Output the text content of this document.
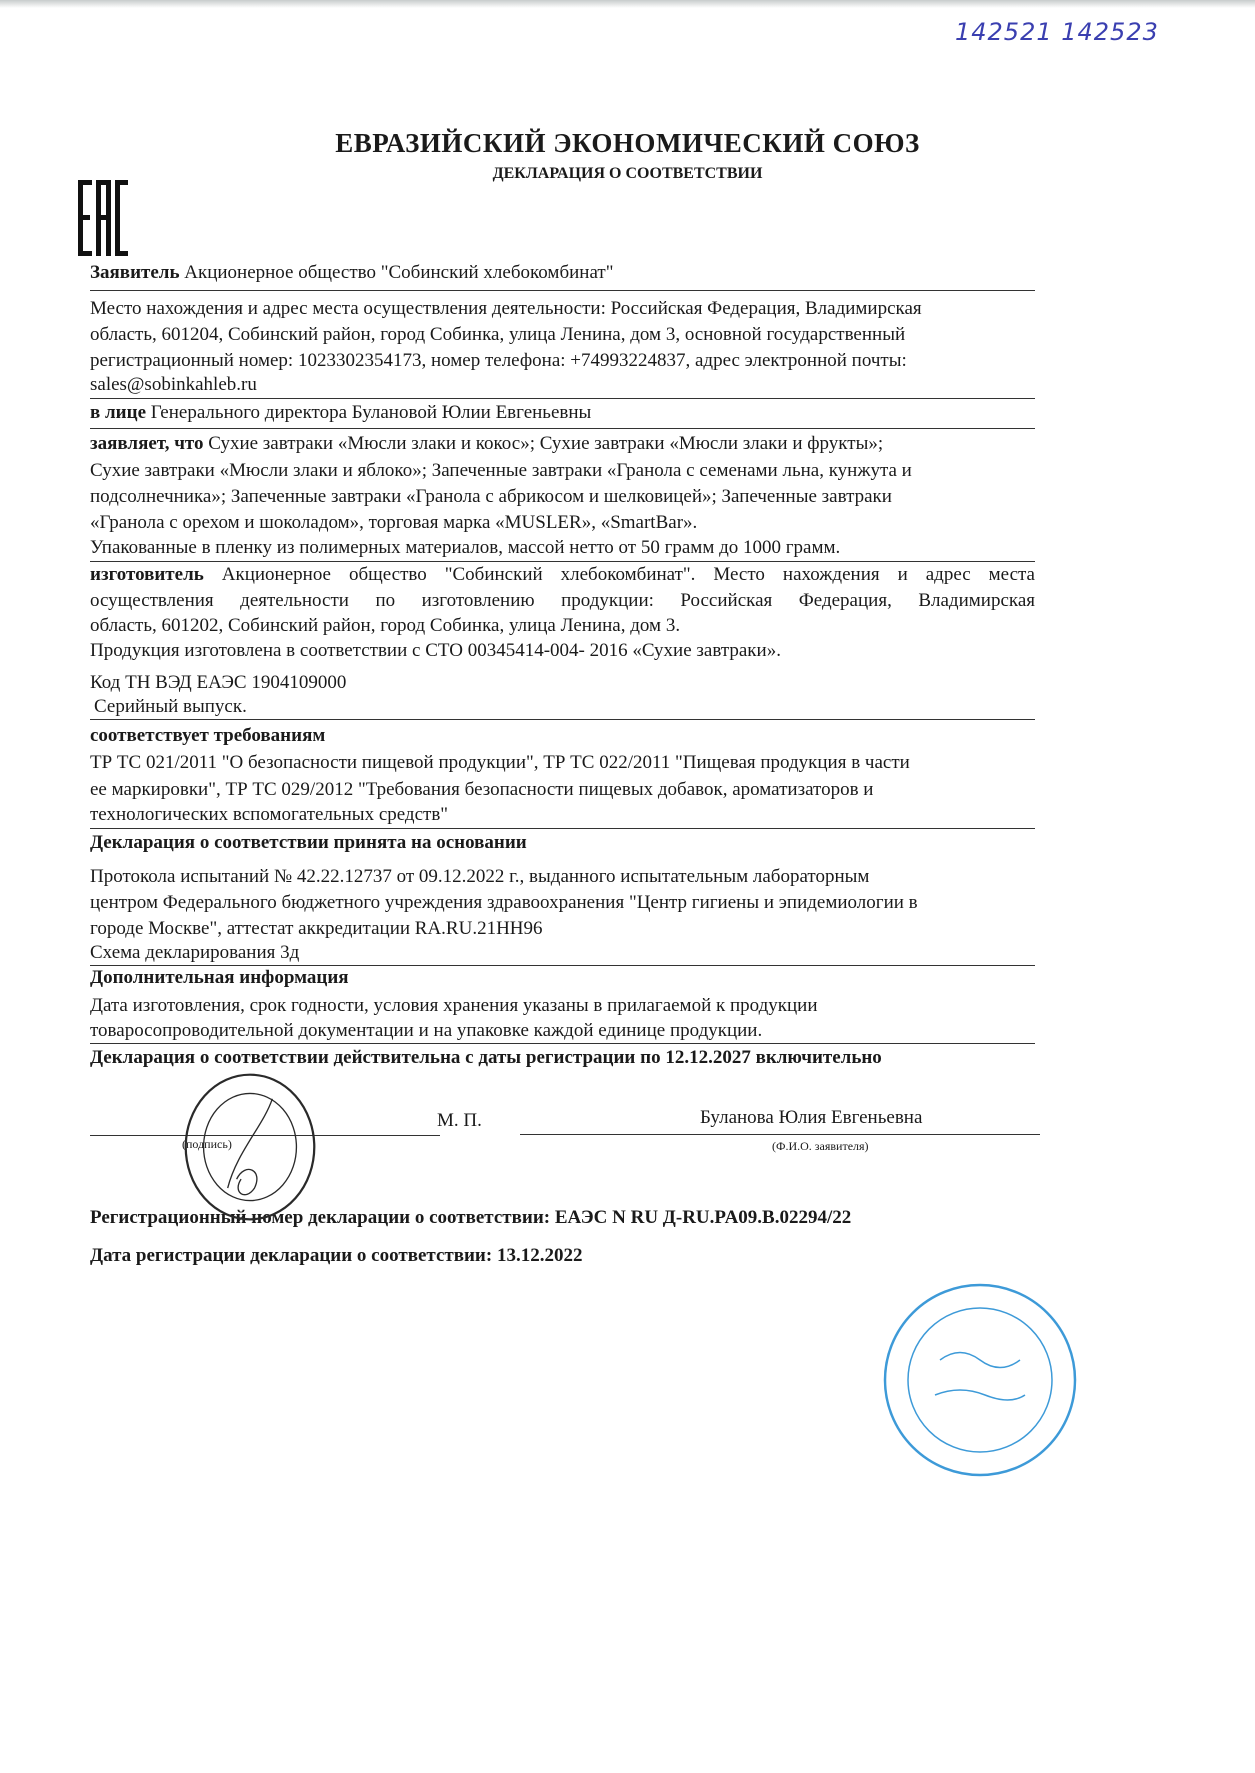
142521 142523
ЕВРАЗИЙСКИЙ ЭКОНОМИЧЕСКИЙ СОЮЗ
ДЕКЛАРАЦИЯ О СООТВЕТСТВИИ
Заявитель Акционерное общество "Собинский хлебокомбинат"
Место нахождения и адрес места осуществления деятельности: Российская Федерация, Владимирская
область, 601204, Собинский район, город Собинка, улица Ленина, дом 3, основной государственный
регистрационный номер: 1023302354173, номер телефона: +74993224837, адрес электронной почты:
sales@sobinkahleb.ru
в лице Генерального директора Булановой Юлии Евгеньевны
заявляет, что Сухие завтраки «Мюсли злаки и кокос»; Сухие завтраки «Мюсли злаки и фрукты»;
Сухие завтраки «Мюсли злаки и яблоко»; Запеченные завтраки «Гранола с семенами льна, кунжута и
подсолнечника»; Запеченные завтраки «Гранола с абрикосом и шелковицей»; Запеченные завтраки
«Гранола с орехом и шоколадом», торговая марка «MUSLER», «SmartBar».
Упакованные в пленку из полимерных материалов, массой нетто от 50 грамм до 1000 грамм.
изготовитель Акционерное общество "Собинский хлебокомбинат". Место нахождения и адрес места
осуществления деятельности по изготовлению продукции: Российская Федерация, Владимирская
область, 601202, Собинский район, город Собинка, улица Ленина, дом 3.
Продукция изготовлена в соответствии с СТО 00345414-004- 2016 «Сухие завтраки».
Код ТН ВЭД ЕАЭС 1904109000
Серийный выпуск.
соответствует требованиям
ТР ТС 021/2011 "О безопасности пищевой продукции", ТР ТС 022/2011 "Пищевая продукция в части
ее маркировки", ТР ТС 029/2012 "Требования безопасности пищевых добавок, ароматизаторов и
технологических вспомогательных средств"
Декларация о соответствии принята на основании
Протокола испытаний № 42.22.12737 от 09.12.2022 г., выданного испытательным лабораторным
центром Федерального бюджетного учреждения здравоохранения "Центр гигиены и эпидемиологии в
городе Москве", аттестат аккредитации RA.RU.21HH96
Схема декларирования 3д
Дополнительная информация
Дата изготовления, срок годности, условия хранения указаны в прилагаемой к продукции
товаросопроводительной документации и на упаковке каждой единице продукции.
Декларация о соответствии действительна с даты регистрации по 12.12.2027 включительно
(подпись)
М. П.	Буланова Юлия Евгеньевна
(Ф.И.О. заявителя)
Регистрационный номер декларации о соответствии: ЕАЭС N RU Д-RU.PA09.B.02294/22
Дата регистрации декларации о соответствии: 13.12.2022
